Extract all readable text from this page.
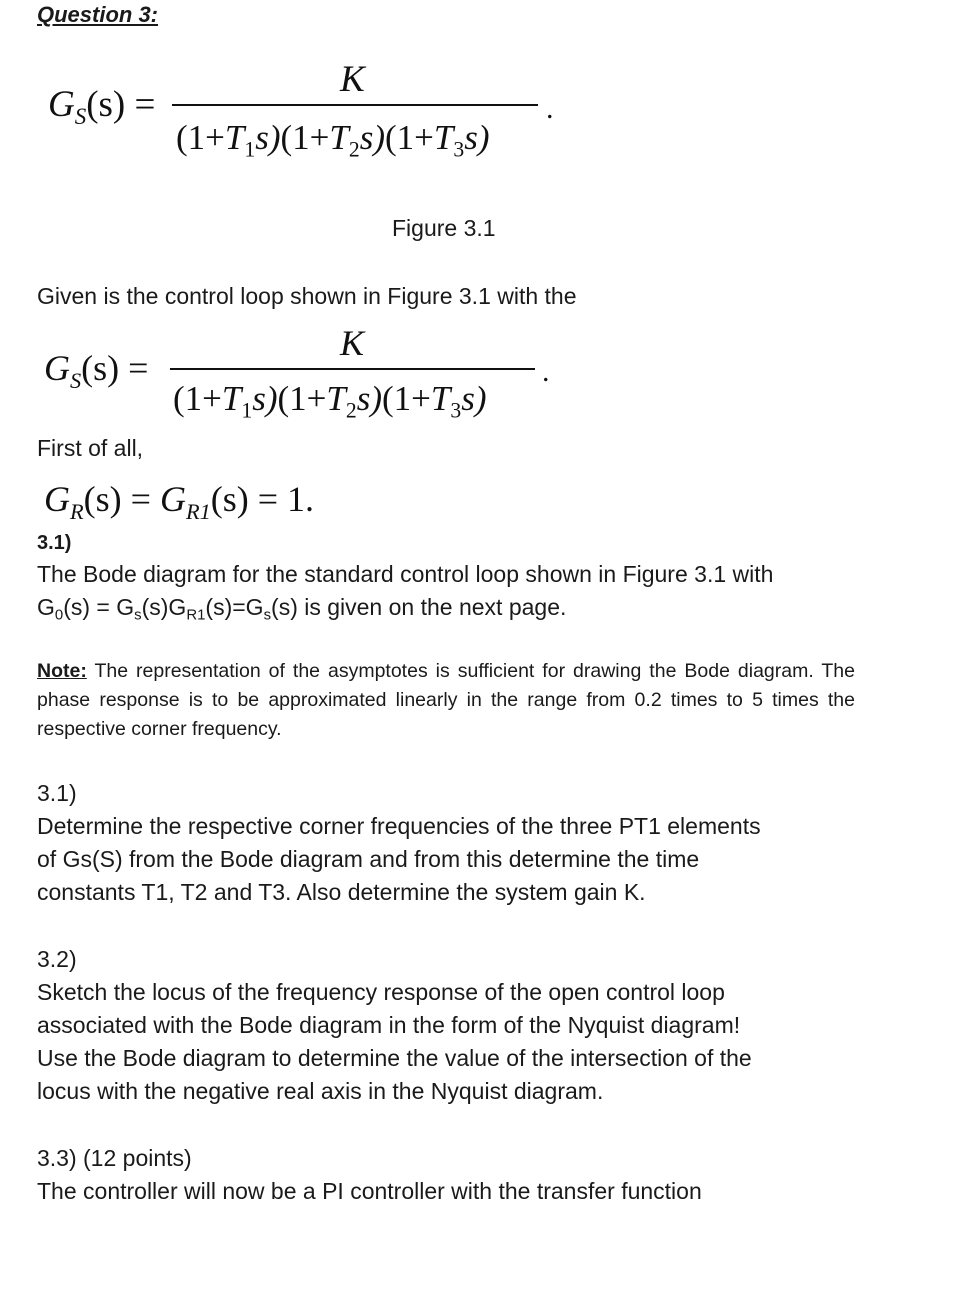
Question 3:
$G_S(s)$ =
K
$(1+T_1s)(1+T_2s)(1+T_3s)$
.
Figure 3.1
Given is the control loop shown in Figure 3.1 with the
$G_S(s)$ =
K
$(1+T_1s)(1+T_2s)(1+T_3s)$
.
First of all,
$G_R(s) = G_{R1}(s) = 1$.
3.1)
The Bode diagram for the standard control loop shown in Figure 3.1 with
G0(s) = Gs(s)GR1(s)=Gs(s) is given on the next page.
Note: The representation of the asymptotes is sufficient for drawing the Bode diagram. The phase response is to be approximated linearly in the range from 0.2 times to 5 times the respective corner frequency.
3.1)
Determine the respective corner frequencies of the three PT1 elements
of Gs(S) from the Bode diagram and from this determine the time
constants T1, T2 and T3. Also determine the system gain K.
3.2)
Sketch the locus of the frequency response of the open control loop
associated with the Bode diagram in the form of the Nyquist diagram!
Use the Bode diagram to determine the value of the intersection of the
locus with the negative real axis in the Nyquist diagram.
3.3) (12 points)
The controller will now be a PI controller with the transfer function
